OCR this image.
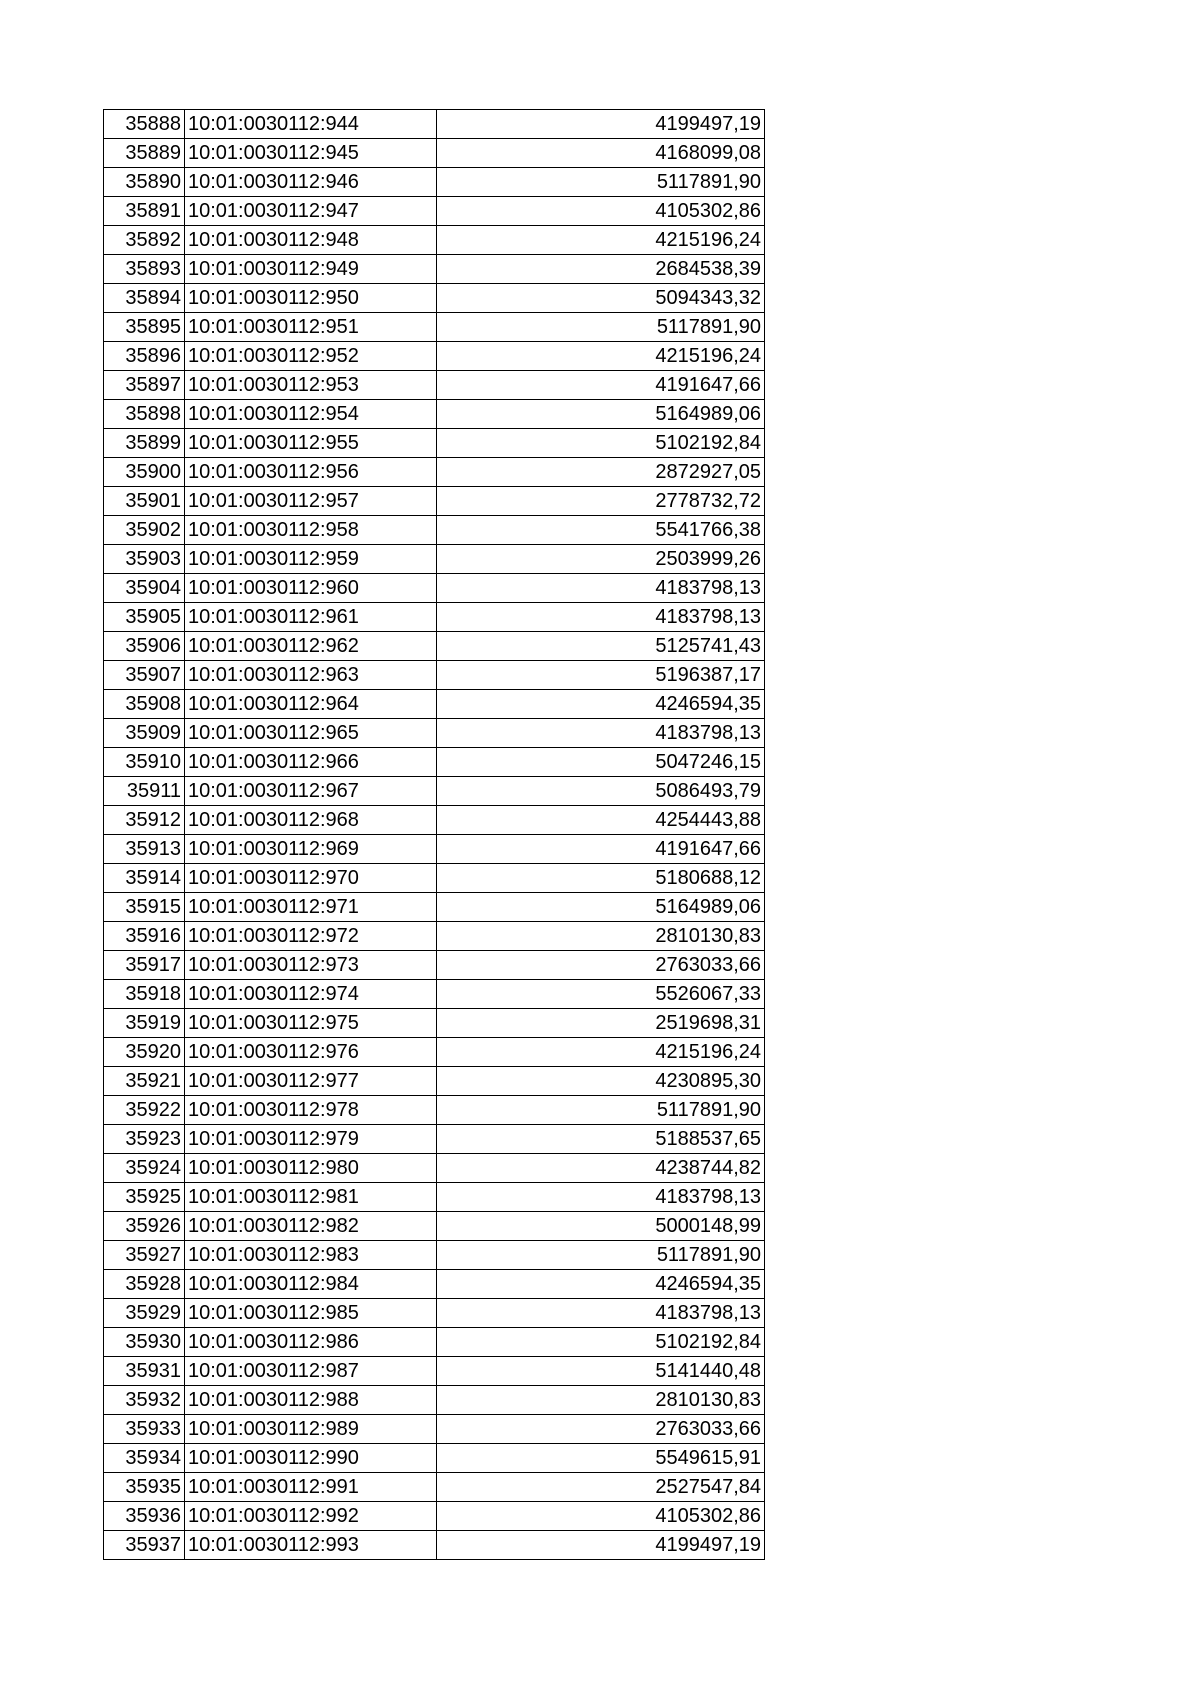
35888	10:01:0030112:944	4199497,19
35889	10:01:0030112:945	4168099,08
35890	10:01:0030112:946	5117891,90
35891	10:01:0030112:947	4105302,86
35892	10:01:0030112:948	4215196,24
35893	10:01:0030112:949	2684538,39
35894	10:01:0030112:950	5094343,32
35895	10:01:0030112:951	5117891,90
35896	10:01:0030112:952	4215196,24
35897	10:01:0030112:953	4191647,66
35898	10:01:0030112:954	5164989,06
35899	10:01:0030112:955	5102192,84
35900	10:01:0030112:956	2872927,05
35901	10:01:0030112:957	2778732,72
35902	10:01:0030112:958	5541766,38
35903	10:01:0030112:959	2503999,26
35904	10:01:0030112:960	4183798,13
35905	10:01:0030112:961	4183798,13
35906	10:01:0030112:962	5125741,43
35907	10:01:0030112:963	5196387,17
35908	10:01:0030112:964	4246594,35
35909	10:01:0030112:965	4183798,13
35910	10:01:0030112:966	5047246,15
35911	10:01:0030112:967	5086493,79
35912	10:01:0030112:968	4254443,88
35913	10:01:0030112:969	4191647,66
35914	10:01:0030112:970	5180688,12
35915	10:01:0030112:971	5164989,06
35916	10:01:0030112:972	2810130,83
35917	10:01:0030112:973	2763033,66
35918	10:01:0030112:974	5526067,33
35919	10:01:0030112:975	2519698,31
35920	10:01:0030112:976	4215196,24
35921	10:01:0030112:977	4230895,30
35922	10:01:0030112:978	5117891,90
35923	10:01:0030112:979	5188537,65
35924	10:01:0030112:980	4238744,82
35925	10:01:0030112:981	4183798,13
35926	10:01:0030112:982	5000148,99
35927	10:01:0030112:983	5117891,90
35928	10:01:0030112:984	4246594,35
35929	10:01:0030112:985	4183798,13
35930	10:01:0030112:986	5102192,84
35931	10:01:0030112:987	5141440,48
35932	10:01:0030112:988	2810130,83
35933	10:01:0030112:989	2763033,66
35934	10:01:0030112:990	5549615,91
35935	10:01:0030112:991	2527547,84
35936	10:01:0030112:992	4105302,86
35937	10:01:0030112:993	4199497,19
